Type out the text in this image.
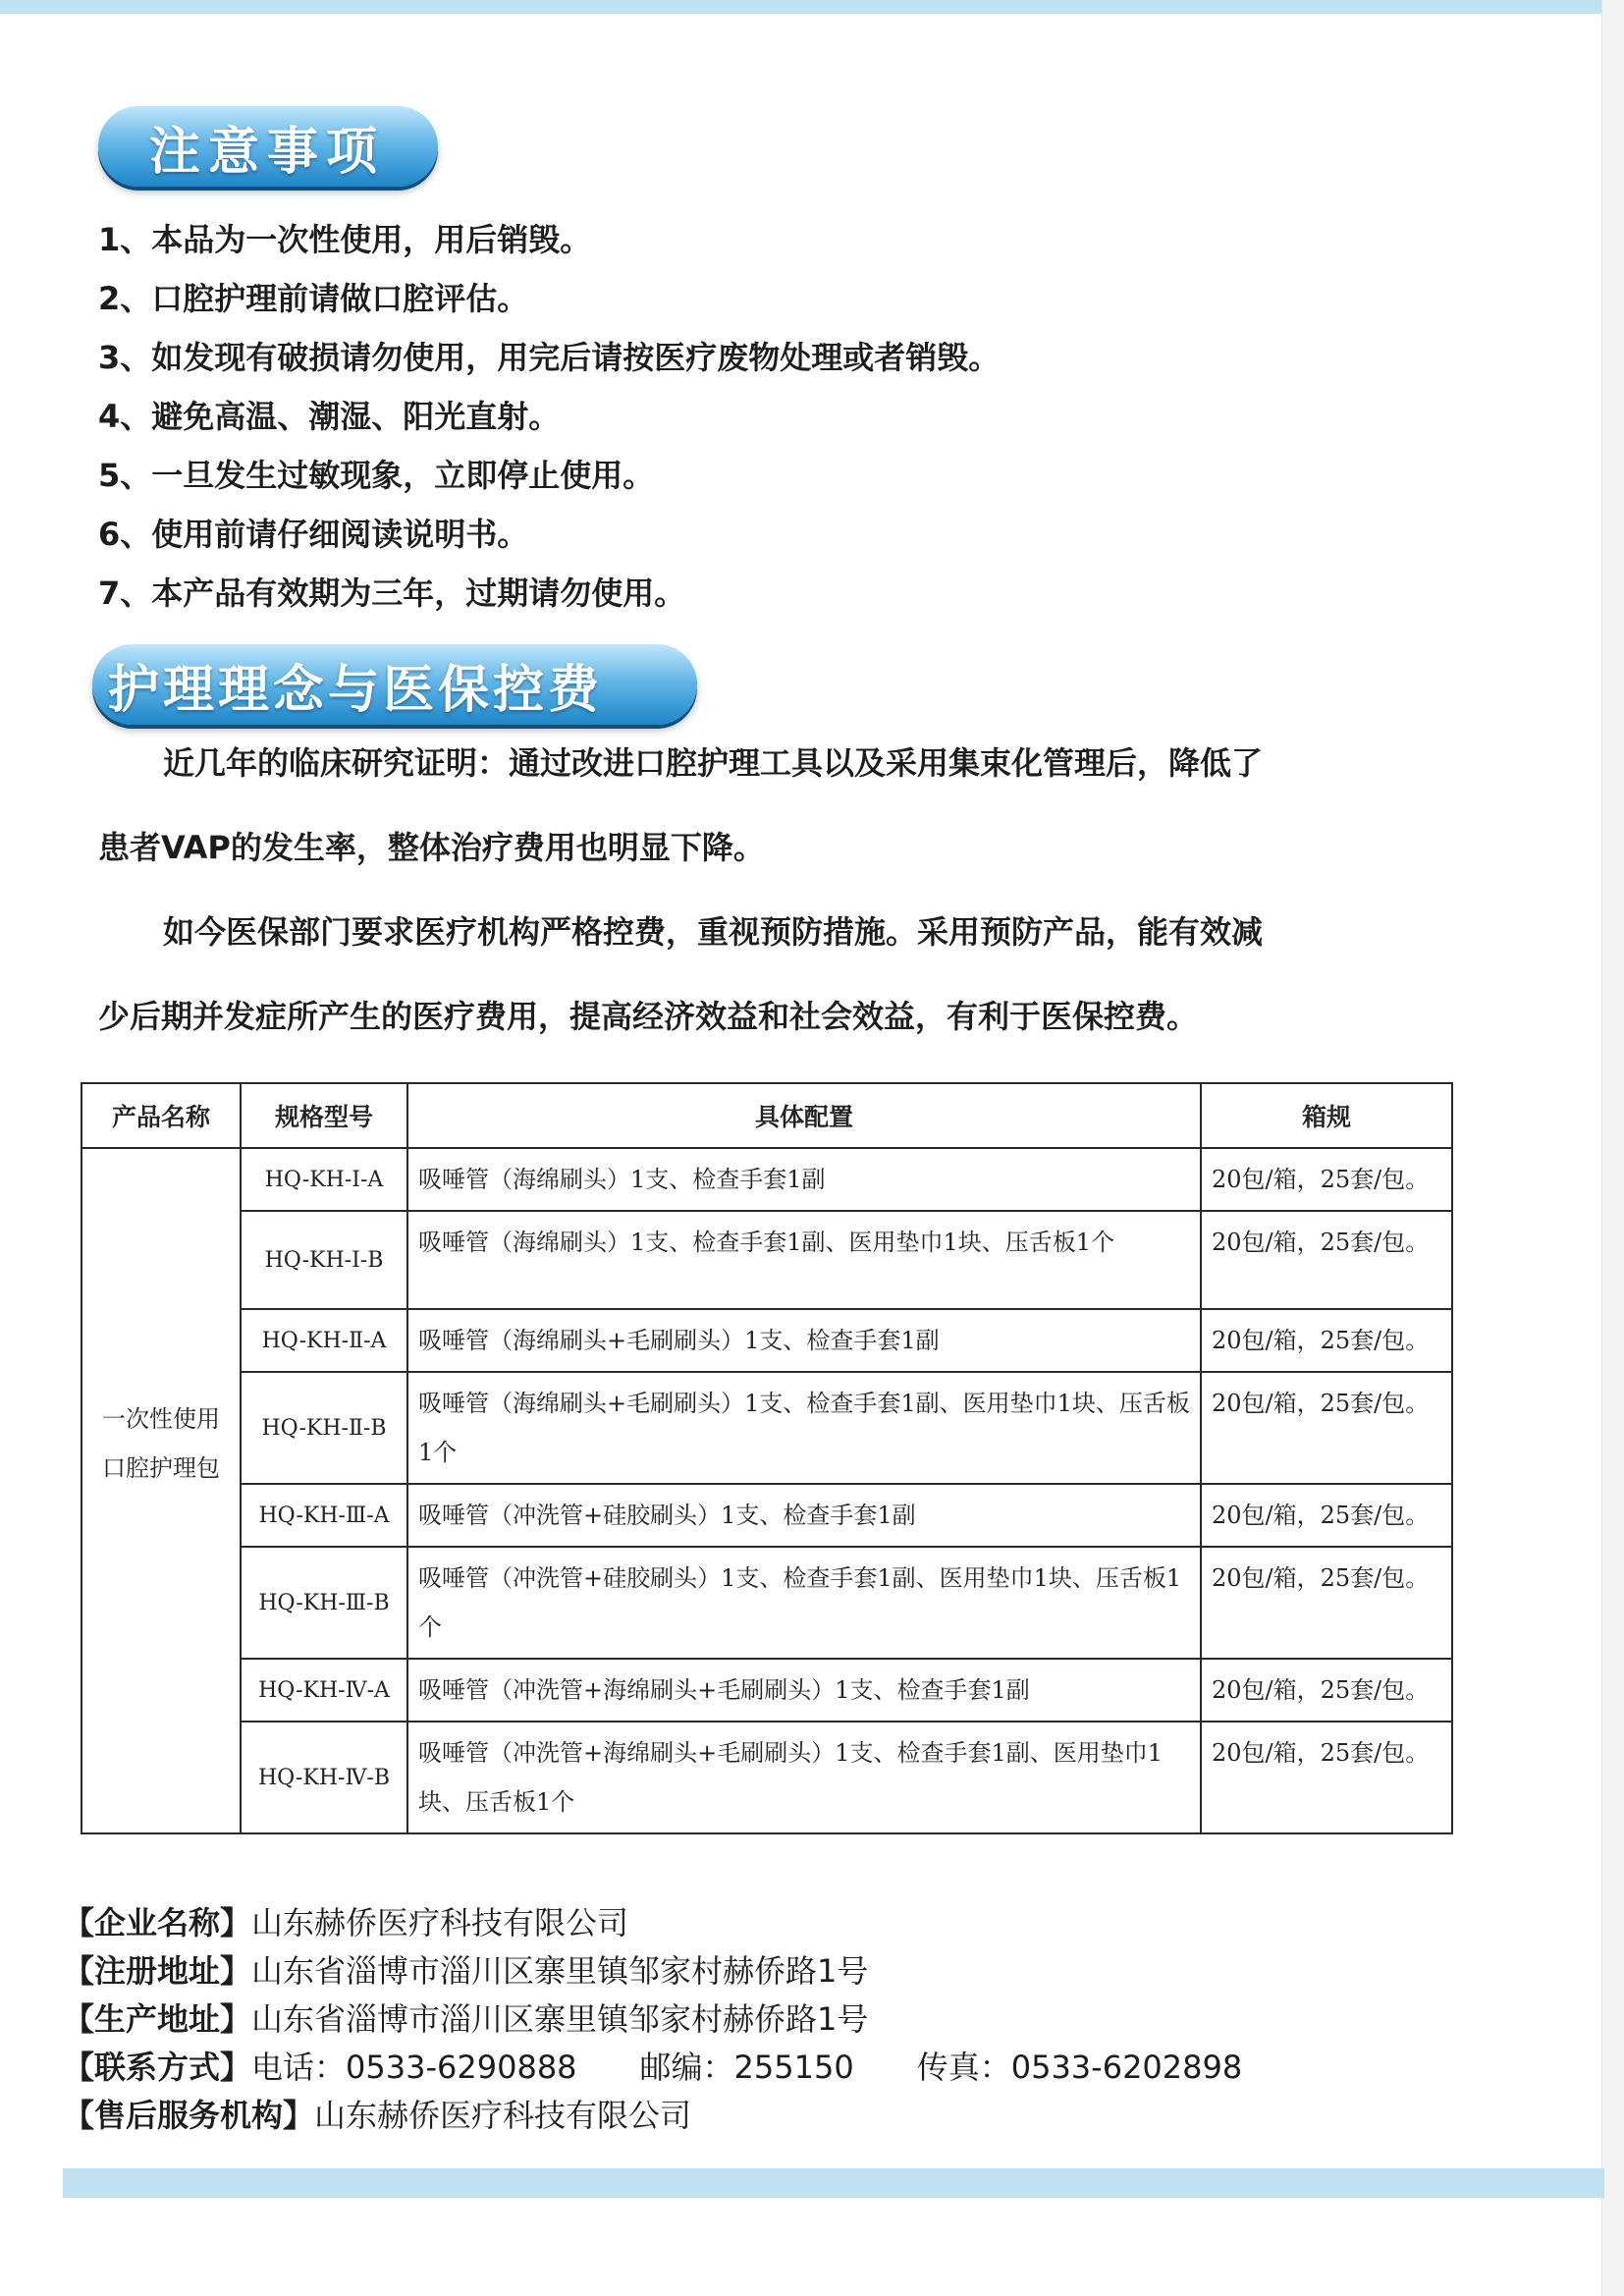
注意事项
1、本品为一次性使用，用后销毁。
2、口腔护理前请做口腔评估。
3、如发现有破损请勿使用，用完后请按医疗废物处理或者销毁。
4、避免高温、潮湿、阳光直射。
5、一旦发生过敏现象，立即停止使用。
6、使用前请仔细阅读说明书。
7、本产品有效期为三年，过期请勿使用。
护理理念与医保控费
近几年的临床研究证明：通过改进口腔护理工具以及采用集束化管理后，降低了
患者VAP的发生率，整体治疗费用也明显下降。
如今医保部门要求医疗机构严格控费，重视预防措施。采用预防产品，能有效减
少后期并发症所产生的医疗费用，提高经济效益和社会效益，有利于医保控费。
产品名称	规格型号	具体配置	箱规

一次性使用
口腔护理包	HQ-KH-Ⅰ-A	吸唾管（海绵刷头）1支、检查手套1副	20包/箱，25套/包。
	HQ-KH-Ⅰ-B	吸唾管（海绵刷头）1支、检查手套1副、医用垫巾1块、压舌板1个	20包/箱，25套/包。
	HQ-KH-Ⅱ-A	吸唾管（海绵刷头+毛刷刷头）1支、检查手套1副	20包/箱，25套/包。
	HQ-KH-Ⅱ-B	吸唾管（海绵刷头+毛刷刷头）1支、检查手套1副、医用垫巾1块、压舌板1个	20包/箱，25套/包。
	HQ-KH-Ⅲ-A	吸唾管（冲洗管+硅胶刷头）1支、检查手套1副	20包/箱，25套/包。
	HQ-KH-Ⅲ-B	吸唾管（冲洗管+硅胶刷头）1支、检查手套1副、医用垫巾1块、压舌板1个	20包/箱，25套/包。
	HQ-KH-Ⅳ-A	吸唾管（冲洗管+海绵刷头+毛刷刷头）1支、检查手套1副	20包/箱，25套/包。
	HQ-KH-Ⅳ-B	吸唾管（冲洗管+海绵刷头+毛刷刷头）1支、检查手套1副、医用垫巾1块、压舌板1个	20包/箱，25套/包。
【企业名称】山东赫侨医疗科技有限公司
【注册地址】山东省淄博市淄川区寨里镇邹家村赫侨路1号
【生产地址】山东省淄博市淄川区寨里镇邹家村赫侨路1号
【联系方式】电话：0533-6290888 邮编：255150 传真：0533-6202898
【售后服务机构】山东赫侨医疗科技有限公司
